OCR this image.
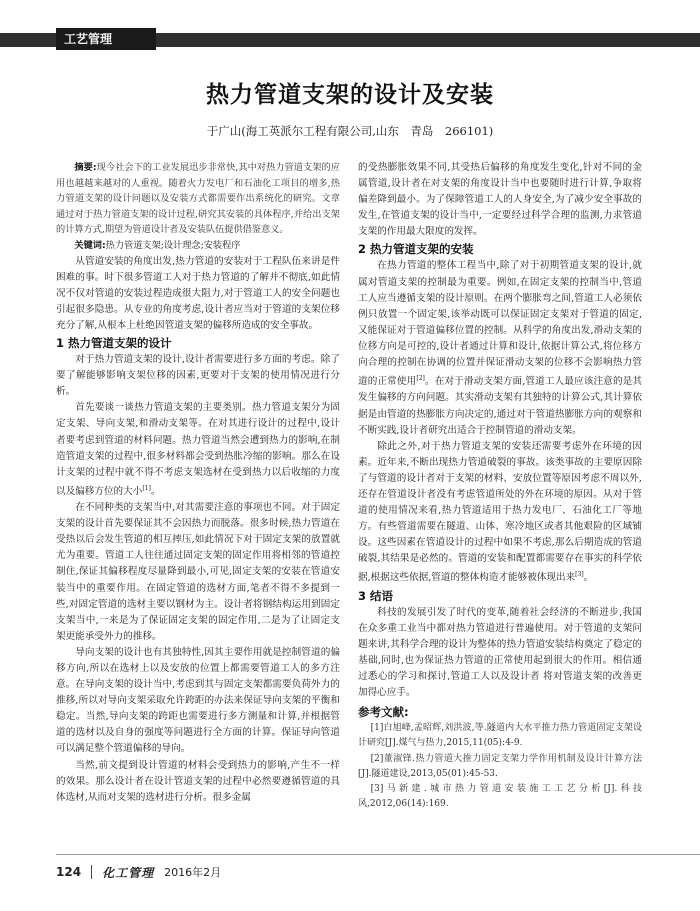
工艺管理
热力管道支架的设计及安装
于广山(海工英派尔工程有限公司,山东　青岛　266101)

摘要:现今社会下的工业发展迅步非常快,其中对热力管道支架的应用也越越来越对的人重视。随着火力发电厂和石油化工项目的增多,热力管道支架的设计问题以及安装方式都需要作出系统化的研究。文章通过对于热力管道支架的设计过程,研究其安装的具体程序,并给出支架的计算方式,期望为管道设计者及安装队伍提供借鉴意义。

关键词:热力管道支架;设计理念;安装程序

从管道安装的角度出发,热力管道的安装对于工程队伍来讲是件困难的事。时下很多管道工人对于热力管道的了解并不彻底,如此情况不仅对管道的安装过程造成很大阻力,对于管道工人的安全问题也引起很多隐患。从专业的角度考虑,设计者应当对于管道的支架位移充分了解,从根本上杜绝因管道支架的偏移所造成的安全事故。

1 热力管道支架的设计

对于热力管道支架的设计,设计者需要进行多方面的考虑。除了要了解能够影响支架位移的因素,更要对于支架的使用情况进行分析。

首先要谈一谈热力管道支架的主要类别。热力管道支架分为固定支架、导向支架,和滑动支架等。在对其进行设计的过程中,设计者要考虑到管道的材料问题。热力管道当然会遭到热力的影响,在制造管道支架的过程中,很多材料都会受到热胀冷缩的影响。那么在设计支架的过程中就不得不考虑支架选材在受到热力以后收缩的力度以及偏移方位的大小[1]。

在不同种类的支架当中,对其需要注意的事项也不同。对于固定支架的设计首先要保证其不会因热力而脱落。很多时候,热力管道在受热以后会发生管道的相互摔压,如此情况下对于固定支架的放置就尤为重要。管道工人往往通过固定支架的固定作用将相邻的管道控制住,保证其偏移程度尽量降到最小,可见,固定支架的安装在管道安装当中的重要作用。在固定管道的选材方面,笔者不得不多提到一些,对固定管道的选材主要以钢材为主。设计者将钢结构运用到固定支架当中,一来是为了保证固定支架的固定作用,二是为了让固定支架更能承受外力的推移。

导向支架的设计也有其独特性,因其主要作用就是控制管道的偏移方向,所以在选材上以及安放的位置上都需要管道工人的多方注意。在导向支架的设计当中,考虑到其与固定支架都需要负荷外力的推移,所以对导向支架采取允许跨距的办法来保证导向支架的平衡和稳定。当然,导向支架的跨距也需要进行多方测量和计算,并根据管道的选材以及自身的强度等问题进行全方面的计算。保证导向管道可以满足整个管道偏移的导向。

当然,前文提到设计管道的材料会受到热力的影响,产生不一样的效果。那么设计者在设计管道支架的过程中必然要遵循管道的具体选材,从而对支架的选材进行分析。很多金属

的受热膨胀效果不同,其受热后偏移的角度发生变化,针对不同的金属管道,设计者在对支架的角度设计当中也要随时进行计算,争取将偏差降到最小。为了保障管道工人的人身安全,为了减少安全事故的发生,在管道支架的设计当中,一定要经过科学合理的监测,力求管道支架的作用最大限度的发挥。

2 热力管道支架的安装

在热力管道的整体工程当中,除了对于初期管道支架的设计,就属对管道支架的控制最为重要。例如,在固定支架的控制当中,管道工人应当遵循支架的设计原则。在两个膨胀弯之间,管道工人必须依例只放置一个固定架,该举动既可以保证固定支架对于管道的固定,又能保证对于管道偏移位置的控制。从科学的角度出发,滑动支架的位移方向是可控的,设计者通过计算和设计,依据计算公式,将位移方向合理的控制在协调的位置并保证滑动支架的位移不会影响热力管道的正常使用[2]。在对于滑动支架方面,管道工人最应该注意的是其发生偏移的方向问题。其实滑动支架有其独特的计算公式,其计算依据是由管道的热膨胀方向决定的,通过对于管道热膨胀方向的观察和不断实践,设计者研究出适合于控制管道的滑动支架。

除此之外,对于热力管道支架的安装还需要考虑外在环境的因素。近年来,不断出现热力管道破裂的事故。该类事故的主要原因除了与管道的设计者对于支架的材料、安放位置等原因考虑不周以外,还存在管道设计者没有考虑管道所处的外在环境的原因。从对于管道的使用情况来看,热力管道适用于热力发电厂、石油化工厂等地方。有些管道需要在隧道、山体、寒冷地区或者其他艰险的区域铺设。这些因素在管道设计的过程中如果不考虑,那么后期造成的管道破裂,其结果是必然的。管道的安装和配置都需要存在事实的科学依据,根据这些依据,管道的整体构造才能够被体现出来[3]。

3 结语

科技的发展引发了时代的变革,随着社会经济的不断进步,我国在众多重工业当中都对热力管道进行普遍使用。对于管道的支架问题来讲,其科学合理的设计为整体的热力管道安装结构奠定了稳定的基础,同时,也为保证热力管道的正常使用起到很大的作用。相信通过悉心的学习和探讨,管道工人以及设计者 将对管道支架的改善更加得心应手。

参考文献:

[1]白旭峰,孟昭辉,刘洪波,等.隧道内大水平推力热力管道固定支架设计研究[J].煤气与热力,2015,11(05):4-9.

[2]董淑锋.热力管道大推力固定支架力学作用机制及设计计算方法[J].隧道建设,2013,05(01):45-53.

[3]马新建.城市热力管道安装施工工艺分析[J].科技风,2012,06(14):169.

124 化工管理 2016年2月
